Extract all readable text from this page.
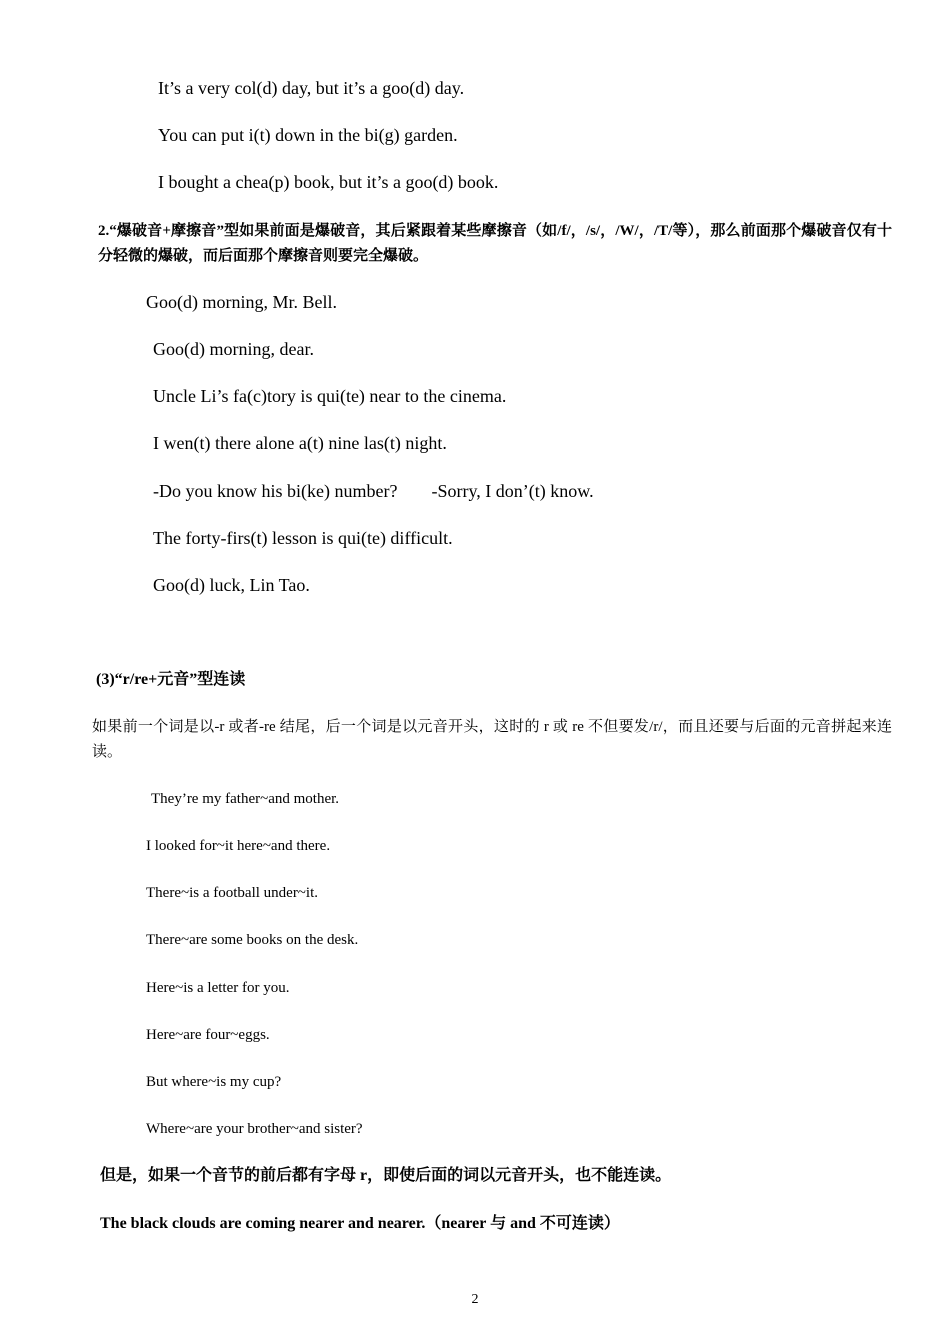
It’s a very col(d) day, but it’s a goo(d) day.
You can put i(t) down in the bi(g) garden.
I bought a chea(p) book, but it’s a goo(d) book.
2.“爆破音+摩擦音”型如果前面是爆破音，其后紧跟着某些摩擦音（如/f/，/s/，/W/，/T/等），那么前面那个爆破音仅有十分轻微的爆破，而后面那个摩擦音则要完全爆破。
Goo(d) morning, Mr. Bell.
Goo(d) morning, dear.
Uncle Li’s fa(c)tory is qui(te) near to the cinema.
I wen(t) there alone a(t) nine las(t) night.
-Do you know his bi(ke) number? -Sorry, I don’(t) know.
The forty-firs(t) lesson is qui(te) difficult.
Goo(d) luck, Lin Tao.
(3)“r/re+元音”型连读
如果前一个词是以-r 或者-re 结尾，后一个词是以元音开头，这时的 r 或 re 不但要发/r/，而且还要与后面的元音拼起来连读。
They’re my father~and mother.
I looked for~it here~and there.
There~is a football under~it.
There~are some books on the desk.
Here~is a letter for you.
Here~are four~eggs.
But where~is my cup?
Where~are your brother~and sister?
但是，如果一个音节的前后都有字母 r，即使后面的词以元音开头，也不能连读。
The black clouds are coming nearer and nearer.（nearer 与 and 不可连读）
2
